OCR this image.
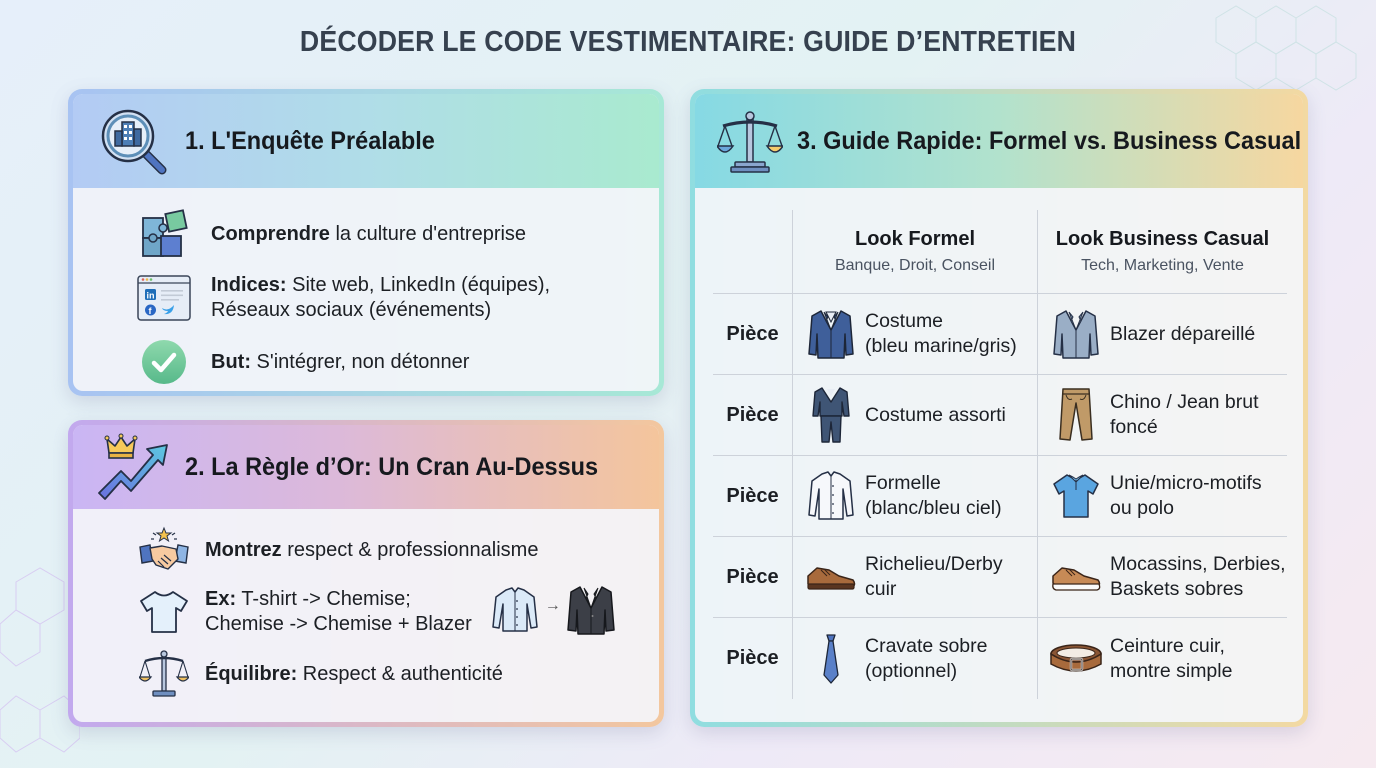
DÉCODER LE CODE VESTIMENTAIRE: GUIDE D’ENTRETIEN
1. L'Enquête Préalable
Comprendre la culture d'entreprise
in
f
Indices: Site web, LinkedIn (équipes),
Réseaux sociaux (événements)
But: S'intégrer, non détonner
2. La Règle d’Or: Un Cran Au-Dessus
Montrez respect & professionnalisme
Ex: T-shirt -> Chemise;
Chemise -> Chemise + Blazer
→
Équilibre: Respect & authenticité
3. Guide Rapide: Formel vs. Business Casual
Look Formel
Banque, Droit, Conseil
Look Business Casual
Tech, Marketing, Vente
Pièce
Costume
(bleu marine/gris)
Blazer dépareillé

Pièce	Costume assorti
Chino / Jean brut
foncé
Pièce
Formelle
(blanc/bleu ciel)
Unie/micro-motifs
ou polo
Pièce
Richelieu/Derby
cuir
Mocassins, Derbies,
Baskets sobres
Pièce
Cravate sobre
(optionnel)
Ceinture cuir,
montre simple
